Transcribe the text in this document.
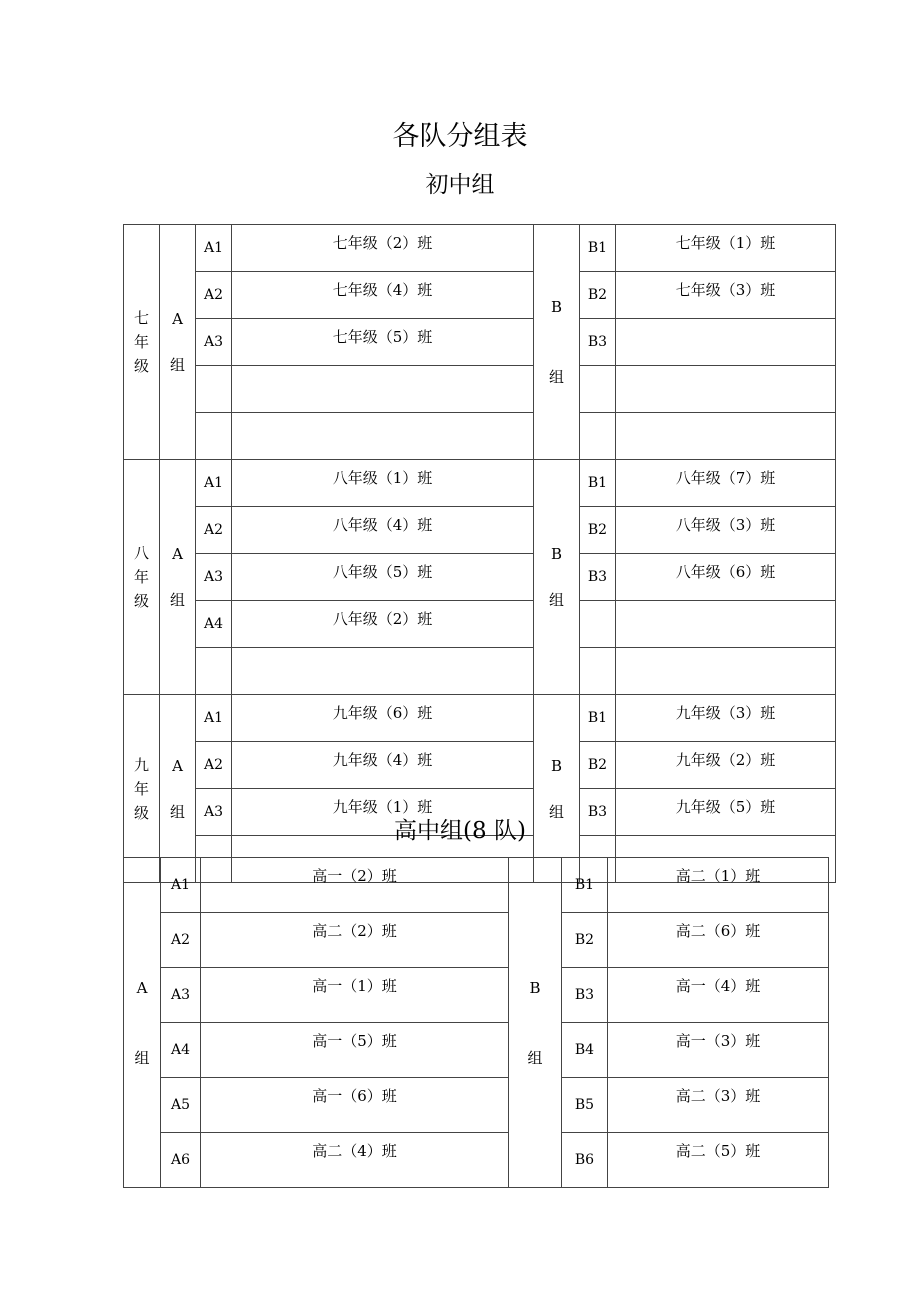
各队分组表
初中组
七年级	A组	A1	七年级（2）班	B组	B1	七年级（1）班
		A2	七年级（4）班		B2	七年级（3）班
		A3	七年级（5）班		B3	

八年级	A组	A1	八年级（1）班	B组	B1	八年级（7）班
		A2	八年级（4）班		B2	八年级（3）班
		A3	八年级（5）班		B3	八年级（6）班
		A4	八年级（2）班			

九年级	A组	A1	九年级（6）班	B组	B1	九年级（3）班
		A2	九年级（4）班		B2	九年级（2）班
		A3	九年级（1）班		B3	九年级（5）班

高中组(8 队)
A组	A1	高一（2）班	B组	B1	高二（1）班
	A2	高二（2）班		B2	高二（6）班
	A3	高一（1）班		B3	高一（4）班
	A4	高一（5）班		B4	高一（3）班
	A5	高一（6）班		B5	高二（3）班
	A6	高二（4）班		B6	高二（5）班
